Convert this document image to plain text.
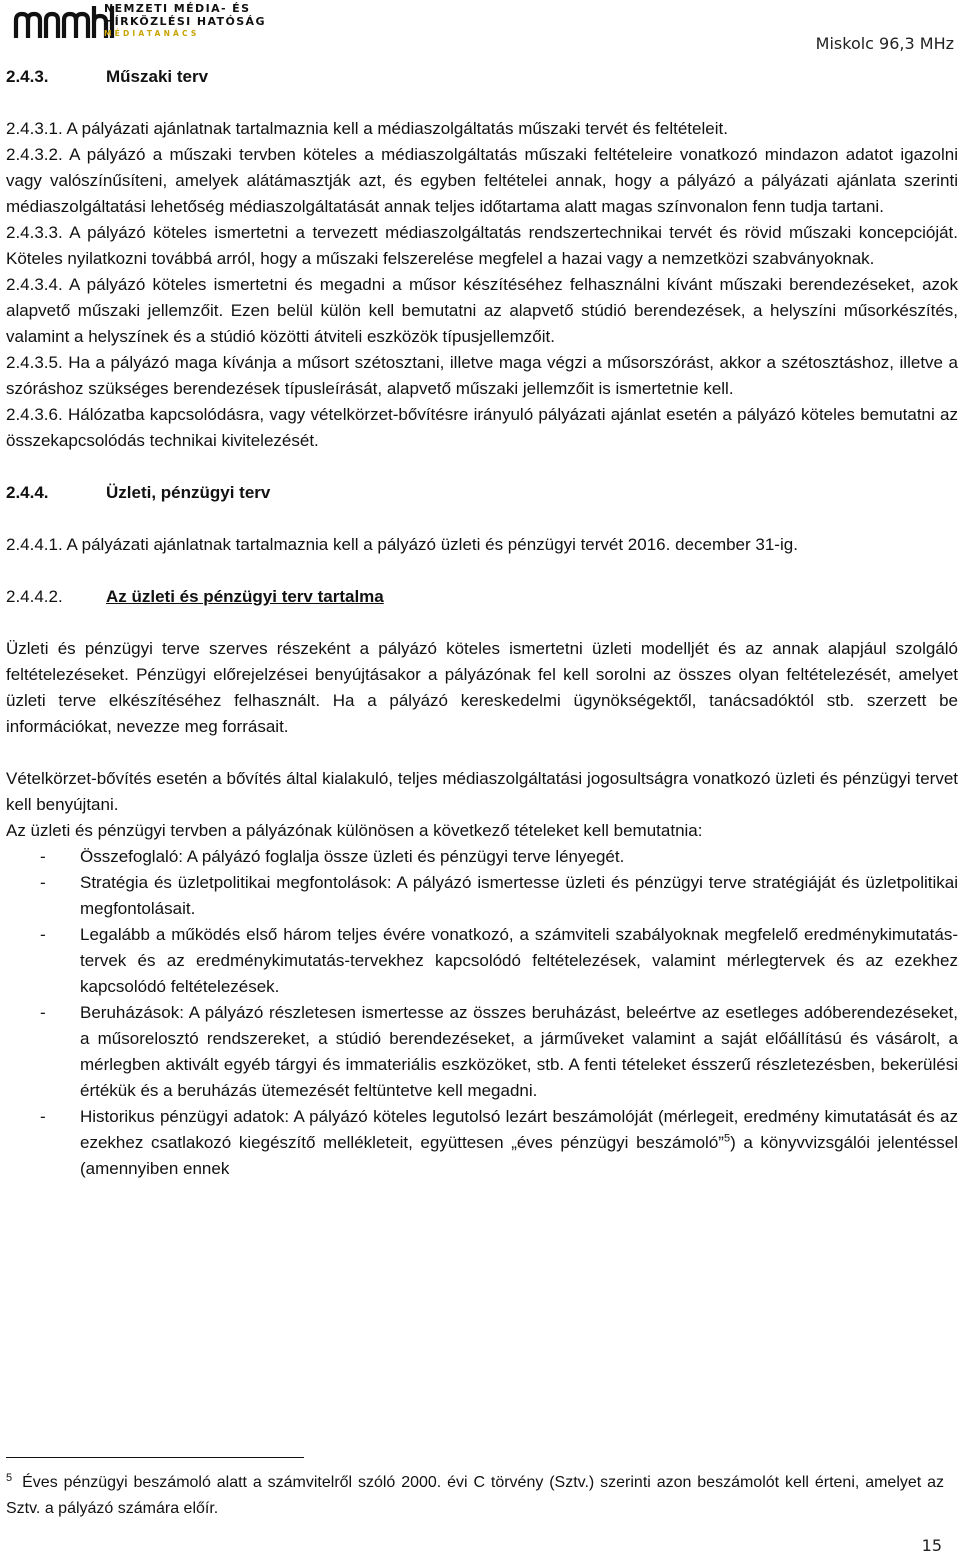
NEMZETI MÉDIA- ÉS
HÍRKÖZLÉSI HATÓSÁG
MÉDIATANÁCS
Miskolc 96,3 MHz

2.4.3.	Műszaki terv

2.4.3.1. A pályázati ajánlatnak tartalmaznia kell a médiaszolgáltatás műszaki tervét és feltételeit.

2.4.3.2. A pályázó a műszaki tervben köteles a médiaszolgáltatás műszaki feltételeire vonatkozó mindazon adatot igazolni vagy valószínűsíteni, amelyek alátámasztják azt, és egyben feltételei annak, hogy a pályázó a pályázati ajánlata szerinti médiaszolgáltatási lehetőség médiaszolgáltatását annak teljes időtartama alatt magas színvonalon fenn tudja tartani.

2.4.3.3. A pályázó köteles ismertetni a tervezett médiaszolgáltatás rendszertechnikai tervét és rövid műszaki koncepcióját. Köteles nyilatkozni továbbá arról, hogy a műszaki felszerelése megfelel a hazai vagy a nemzetközi szabványoknak.

2.4.3.4. A pályázó köteles ismertetni és megadni a műsor készítéséhez felhasználni kívánt műszaki berendezéseket, azok alapvető műszaki jellemzőit. Ezen belül külön kell bemutatni az alapvető stúdió berendezések, a helyszíni műsorkészítés, valamint a helyszínek és a stúdió közötti átviteli eszközök típusjellemzőit.

2.4.3.5. Ha a pályázó maga kívánja a műsort szétosztani, illetve maga végzi a műsorszórást, akkor a szétosztáshoz, illetve a szóráshoz szükséges berendezések típusleírását, alapvető műszaki jellemzőit is ismertetnie kell.

2.4.3.6. Hálózatba kapcsolódásra, vagy vételkörzet-bővítésre irányuló pályázati ajánlat esetén a pályázó köteles bemutatni az összekapcsolódás technikai kivitelezését.

2.4.4.	Üzleti, pénzügyi terv

2.4.4.1. A pályázati ajánlatnak tartalmaznia kell a pályázó üzleti és pénzügyi tervét 2016. december 31-ig.

2.4.4.2.	Az üzleti és pénzügyi terv tartalma

Üzleti és pénzügyi terve szerves részeként a pályázó köteles ismertetni üzleti modelljét és az annak alapjául szolgáló feltételezéseket. Pénzügyi előrejelzései benyújtásakor a pályázónak fel kell sorolni az összes olyan feltételezését, amelyet üzleti terve elkészítéséhez felhasznált. Ha a pályázó kereskedelmi ügynökségektől, tanácsadóktól stb. szerzett be információkat, nevezze meg forrásait.

Vételkörzet-bővítés esetén a bővítés által kialakuló, teljes médiaszolgáltatási jogosultságra vonatkozó üzleti és pénzügyi tervet kell benyújtani.

Az üzleti és pénzügyi tervben a pályázónak különösen a következő tételeket kell bemutatnia:

-	Összefoglaló: A pályázó foglalja össze üzleti és pénzügyi terve lényegét.
-	Stratégia és üzletpolitikai megfontolások: A pályázó ismertesse üzleti és pénzügyi terve stratégiáját és üzletpolitikai megfontolásait.
-	Legalább a működés első három teljes évére vonatkozó, a számviteli szabályoknak megfelelő eredménykimutatás-tervek és az eredménykimutatás-tervekhez kapcsolódó feltételezések, valamint mérlegtervek és az ezekhez kapcsolódó feltételezések.
-	Beruházások: A pályázó részletesen ismertesse az összes beruházást, beleértve az esetleges adóberendezéseket, a műsorelosztó rendszereket, a stúdió berendezéseket, a járműveket valamint a saját előállítású és vásárolt, a mérlegben aktivált egyéb tárgyi és immateriális eszközöket, stb. A fenti tételeket ésszerű részletezésben, bekerülési értékük és a beruházás ütemezését feltüntetve kell megadni.
-	Historikus pénzügyi adatok: A pályázó köteles legutolsó lezárt beszámolóját (mérlegeit, eredmény kimutatását és az ezekhez csatlakozó kiegészítő mellékleteit, együttesen „éves pénzügyi beszámoló”$^5$) a könyvvizsgálói jelentéssel (amennyiben ennek
$^5$ Éves pénzügyi beszámoló alatt a számvitelről szóló 2000. évi C törvény (Sztv.) szerinti azon beszámolót kell érteni, amelyet az Sztv. a pályázó számára előír.
15
